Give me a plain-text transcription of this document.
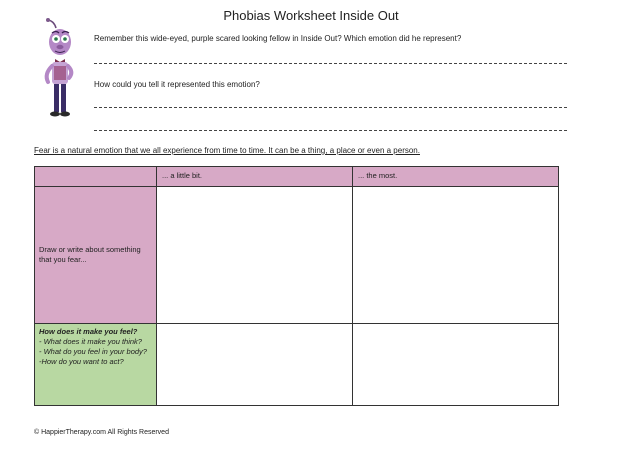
Phobias Worksheet Inside Out
Remember this wide-eyed, purple scared looking fellow in Inside Out? Which emotion did he represent?
How could you tell it represented this emotion?
Fear is a natural emotion that we all experience from time to time. It can be a thing, a place or even a person.

	... a little bit.	... the most.

Draw or write about something that you fear...		

How does it make you feel?
- What does it make you think?
- What do you feel in your body?
-How do you want to act?		

© HappierTherapy.com All Rights Reserved
